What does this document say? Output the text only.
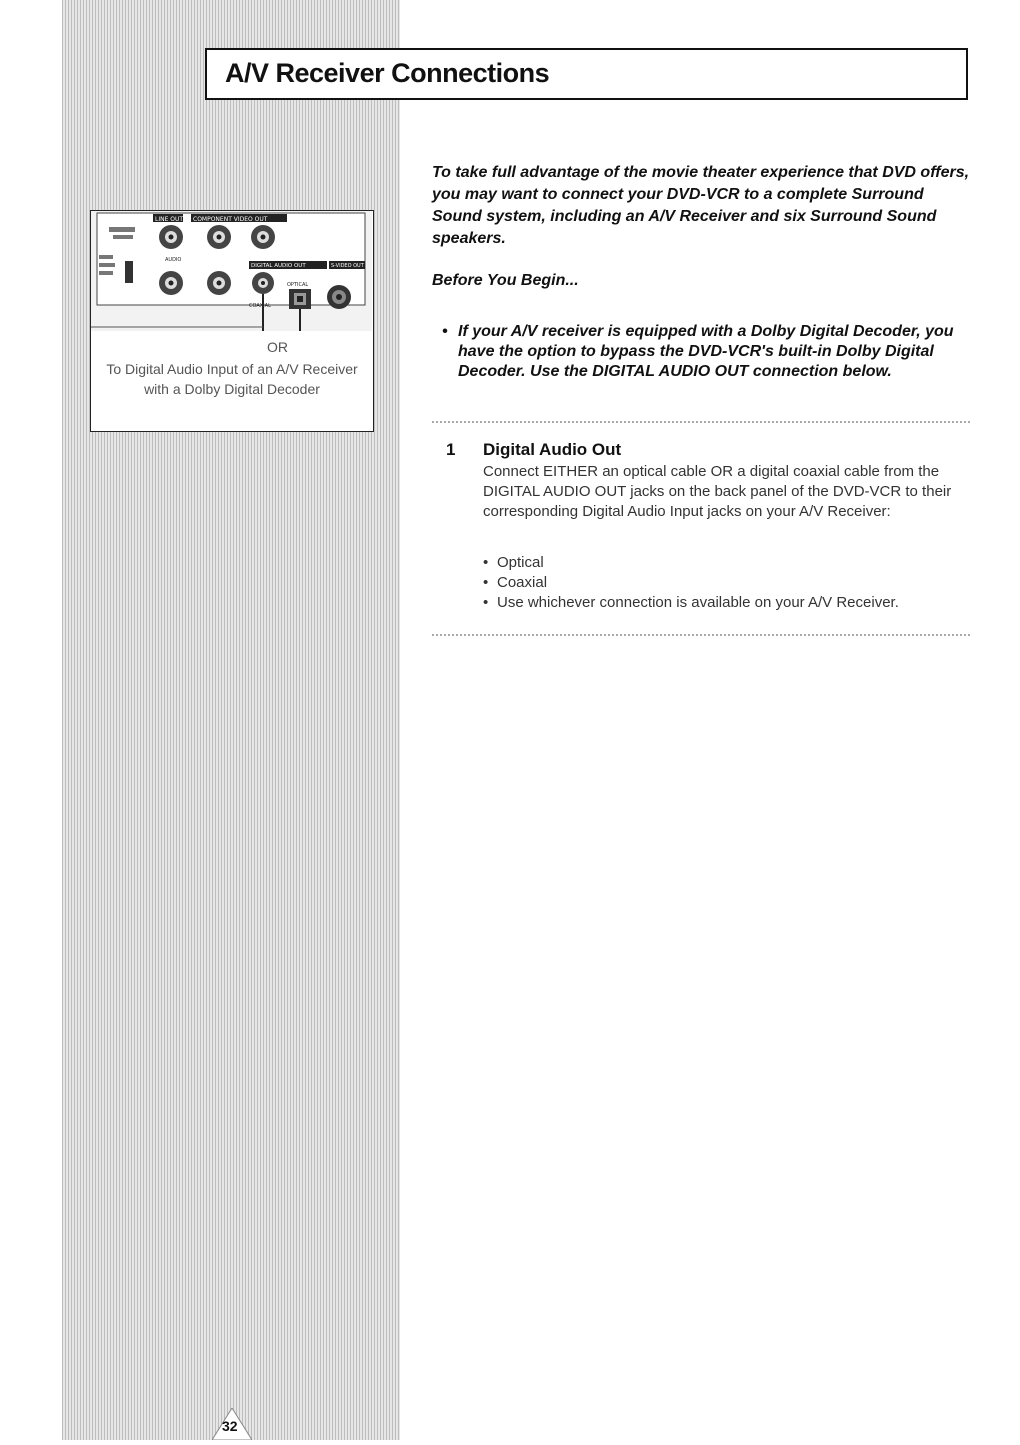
A/V Receiver Connections
LINE OUT COMPONENT VIDEO OUT
AUDIO
DIGITAL AUDIO OUT	S-VIDEO OUT
OPTICAL
COAXIAL
OR
To Digital Audio Input of an A/V Receiver with a Dolby Digital Decoder

To take full advantage of the movie theater experience that DVD offers, you may want to connect your DVD-VCR to a complete Surround Sound system, including an A/V Receiver and six Surround Sound speakers.

Before You Begin...

• If your A/V receiver is equipped with a Dolby Digital Decoder, you have the option to bypass the DVD-VCR's built-in Dolby Digital Decoder. Use the DIGITAL AUDIO OUT connection below.
1 Digital Audio Out

Connect EITHER an optical cable OR a digital coaxial cable from the DIGITAL AUDIO OUT jacks on the back panel of the DVD-VCR to their corresponding Digital Audio Input jacks on your A/V Receiver:

• Optical
• Coaxial
• Use whichever connection is available on your A/V Receiver.
32
